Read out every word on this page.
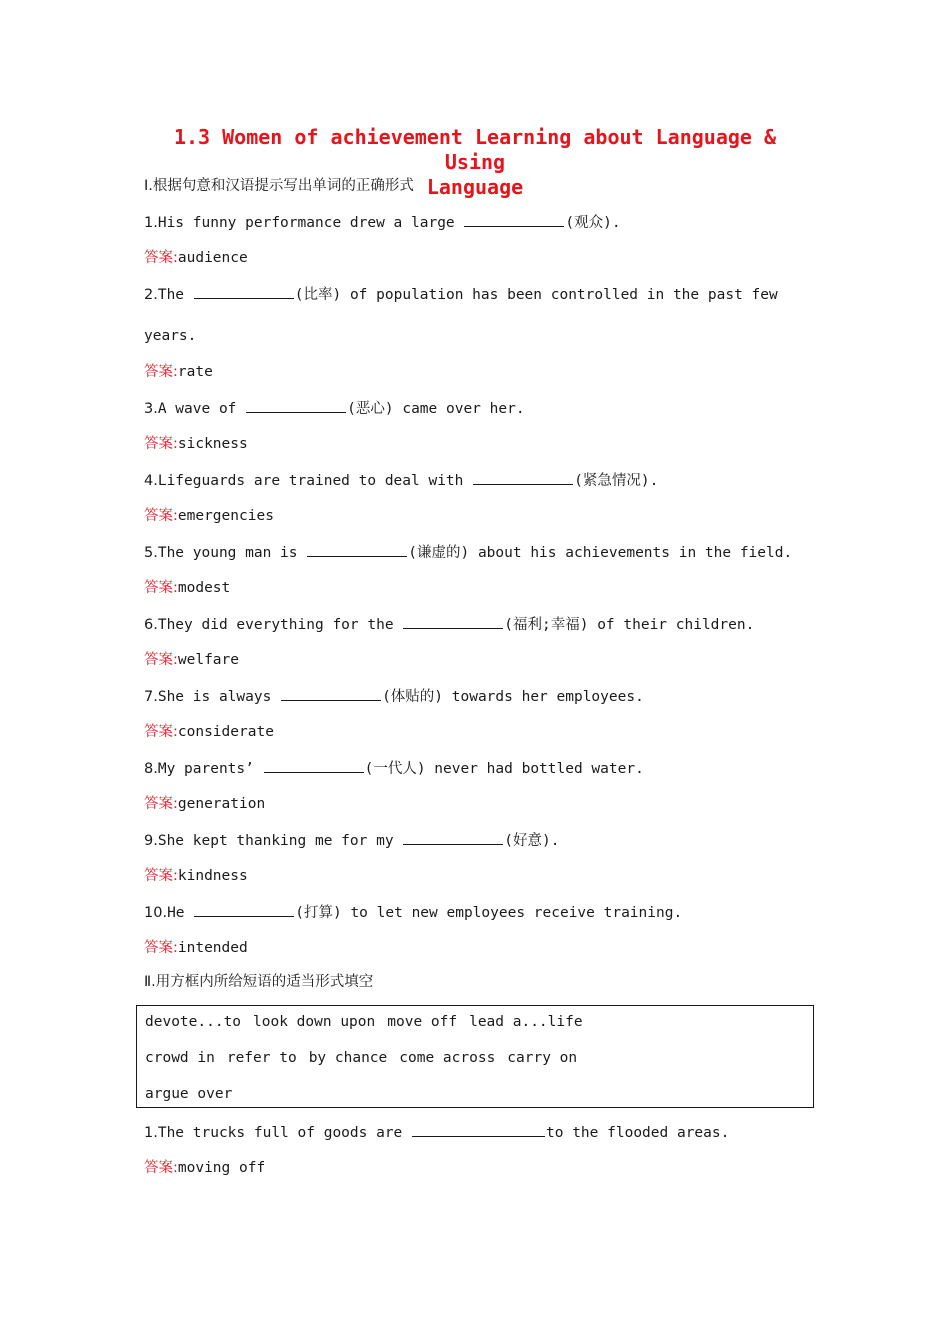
1.3 Women of achievement Learning about Language & Using
Language
Ⅰ.根据句意和汉语提示写出单词的正确形式
1.His funny performance drew a large	(观众).
答案:audience
2.The	(比率) of population has been controlled in the past few
years.
答案:rate
3.A wave of	(恶心) came over her.
答案:sickness
4.Lifeguards are trained to deal with	(紧急情况).
答案:emergencies
5.The young man is	(谦虚的) about his achievements in the field.
答案:modest
6.They did everything for the	(福利;幸福) of their children.
答案:welfare
7.She is always	(体贴的) towards her employees.
答案:considerate
8.My parents’	(一代人) never had bottled water.
答案:generation
9.She kept thanking me for my	(好意).
答案:kindness
10.He	(打算) to let new employees receive training.
答案:intended
Ⅱ.用方框内所给短语的适当形式填空
devote...to look down upon move off lead a...life
crowd in refer to by chance come across carry on
argue over
1.The trucks full of goods are	to the flooded areas.
答案:moving off
